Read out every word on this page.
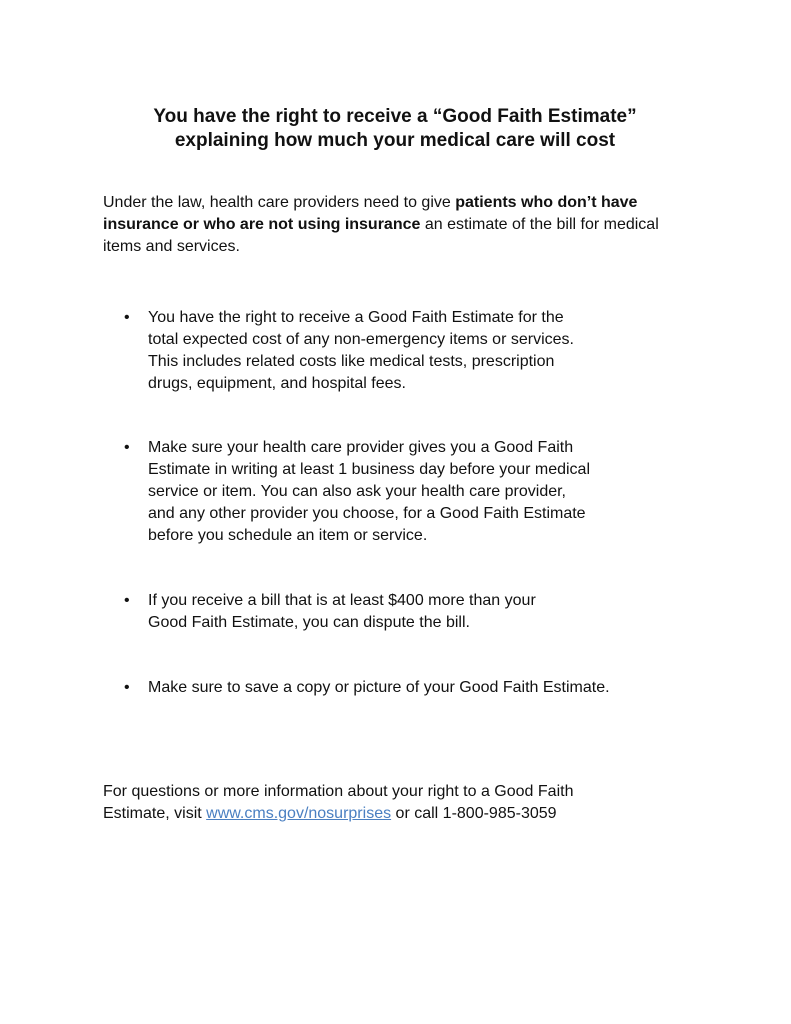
You have the right to receive a “Good Faith Estimate”
explaining how much your medical care will cost
Under the law, health care providers need to give patients who don’t have insurance or who are not using insurance an estimate of the bill for medical items and services.
•	You have the right to receive a Good Faith Estimate for the
total expected cost of any non-emergency items or services.
This includes related costs like medical tests, prescription
drugs, equipment, and hospital fees.
•	Make sure your health care provider gives you a Good Faith
Estimate in writing at least 1 business day before your medical
service or item. You can also ask your health care provider,
and any other provider you choose, for a Good Faith Estimate
before you schedule an item or service.
•	If you receive a bill that is at least $400 more than your
Good Faith Estimate, you can dispute the bill.
•	Make sure to save a copy or picture of your Good Faith Estimate.
For questions or more information about your right to a Good Faith
Estimate, visit www.cms.gov/nosurprises or call 1-800-985-3059
